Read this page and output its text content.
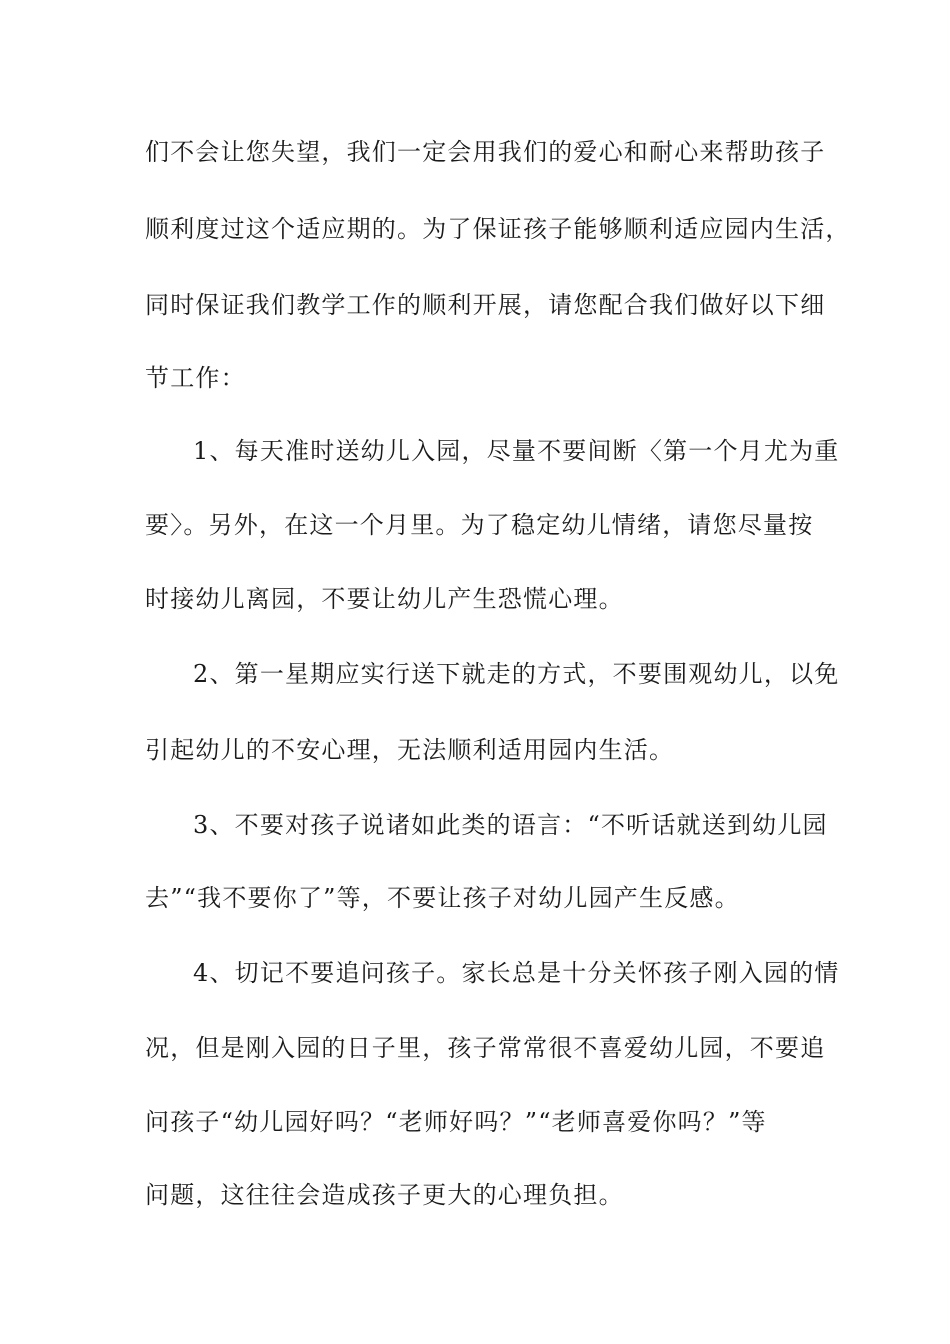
们不会让您失望，我们一定会用我们的爱心和耐心来帮助孩子
顺利度过这个适应期的。为了保证孩子能够顺利适应园内生活，
同时保证我们教学工作的顺利开展，请您配合我们做好以下细
节工作：
1、每天准时送幼儿入园，尽量不要间断〈第一个月尤为重
要〉。另外，在这一个月里。为了稳定幼儿情绪，请您尽量按
时接幼儿离园，不要让幼儿产生恐慌心理。
2、第一星期应实行送下就走的方式，不要围观幼儿，以免
引起幼儿的不安心理，无法顺利适用园内生活。
3、不要对孩子说诸如此类的语言：“不听话就送到幼儿园
去”“我不要你了”等，不要让孩子对幼儿园产生反感。
4、切记不要追问孩子。家长总是十分关怀孩子刚入园的情
况，但是刚入园的日子里，孩子常常很不喜爱幼儿园，不要追
问孩子“幼儿园好吗？“老师好吗？”“老师喜爱你吗？”等
问题，这往往会造成孩子更大的心理负担。
